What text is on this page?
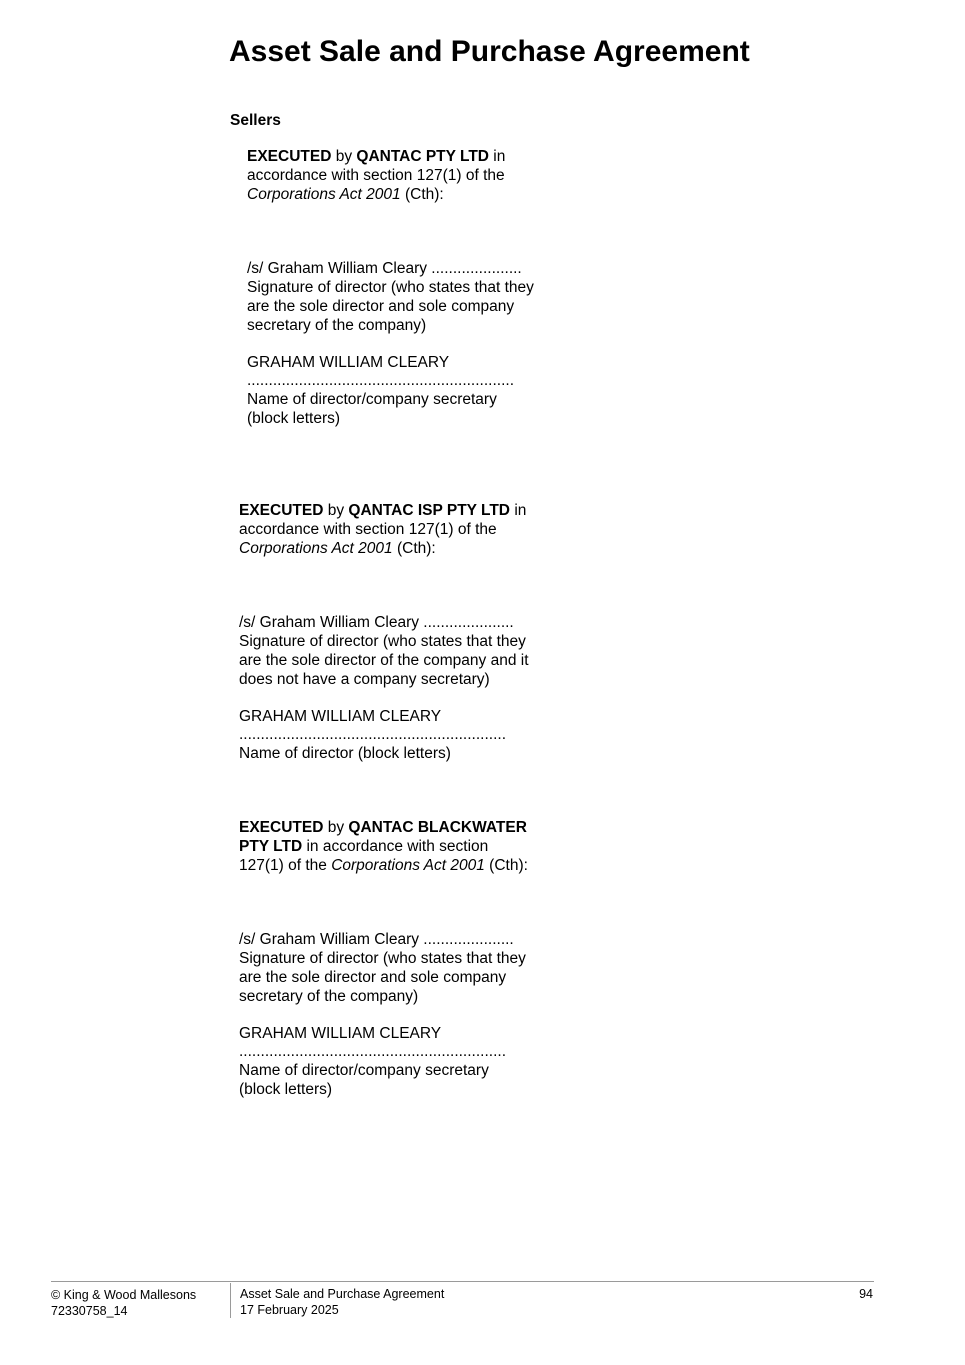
Asset Sale and Purchase Agreement
Sellers

EXECUTED by QANTAC PTY LTD in accordance with section 127(1) of the Corporations Act 2001 (Cth):

/s/ Graham William Cleary .....................

Signature of director (who states that they are the sole director and sole company secretary of the company)

GRAHAM WILLIAM CLEARY

..............................................................

Name of director/company secretary (block letters)

EXECUTED by QANTAC ISP PTY LTD in accordance with section 127(1) of the Corporations Act 2001 (Cth):

/s/ Graham William Cleary .....................

Signature of director (who states that they are the sole director of the company and it does not have a company secretary)

GRAHAM WILLIAM CLEARY

..............................................................

Name of director (block letters)

EXECUTED by QANTAC BLACKWATER PTY LTD in accordance with section 127(1) of the Corporations Act 2001 (Cth):

/s/ Graham William Cleary .....................

Signature of director (who states that they are the sole director and sole company secretary of the company)

GRAHAM WILLIAM CLEARY

..............................................................

Name of director/company secretary (block letters)

© King & Wood Mallesons
72330758_14
Asset Sale and Purchase Agreement
17 February 2025
94
